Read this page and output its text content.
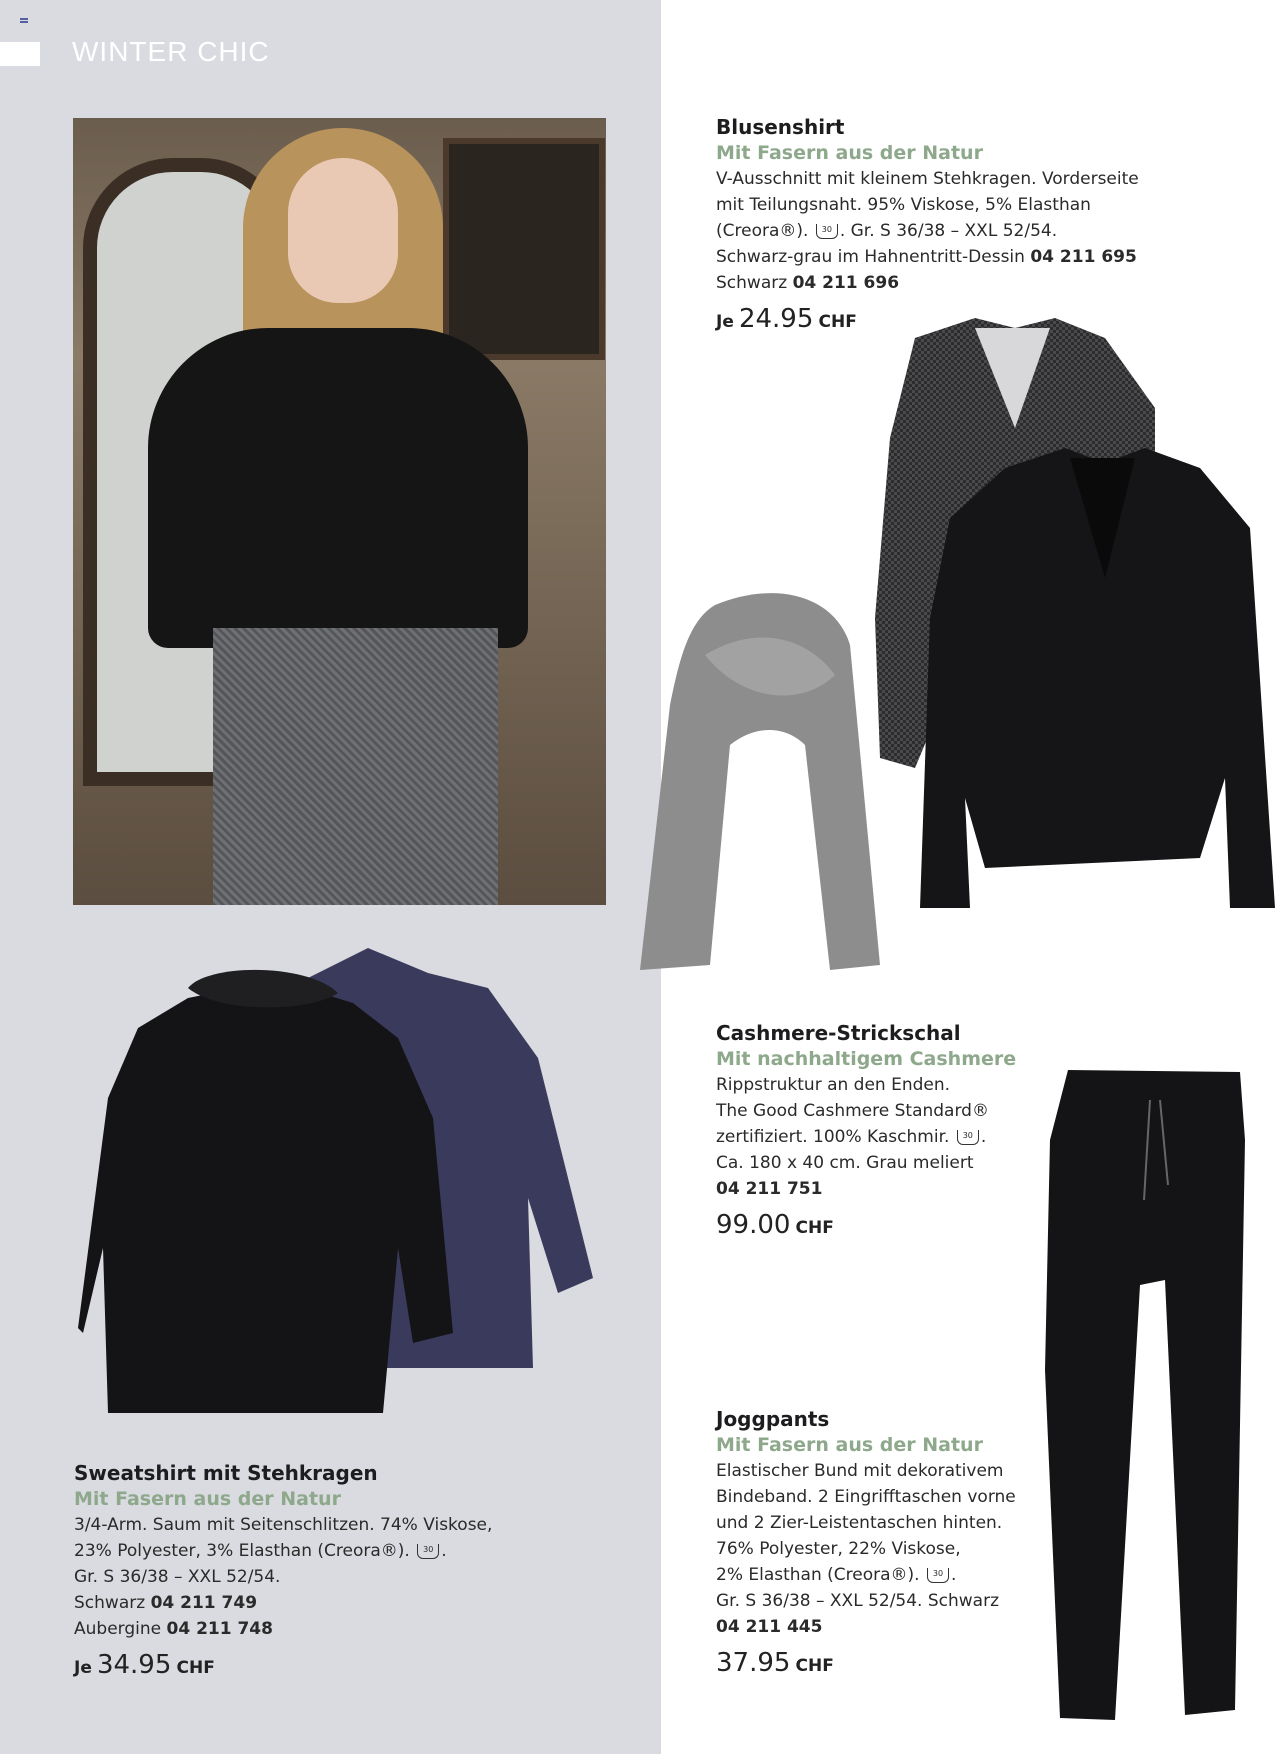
WINTER CHIC
Blusenshirt
Mit Fasern aus der Natur
V-Ausschnitt mit kleinem Stehkragen. Vorderseite
mit Teilungsnaht. 95% Viskose, 5% Elasthan
(Creora®). 30 . Gr. S 36/38 – XXL 52/54.
Schwarz-grau im Hahnentritt-Dessin 04 211 695
Schwarz 04 211 696
Je 24.95 CHF
Cashmere-Strickschal
Mit nachhaltigem Cashmere
Rippstruktur an den Enden.
The Good Cashmere Standard®
zertifiziert. 100% Kaschmir. 30 .
Ca. 180 x 40 cm. Grau meliert
04 211 751
99.00 CHF
Sweatshirt mit Stehkragen
Mit Fasern aus der Natur
3/4-Arm. Saum mit Seitenschlitzen. 74% Viskose,
23% Polyester, 3% Elasthan (Creora®). 30 .
Gr. S 36/38 – XXL 52/54.
Schwarz 04 211 749
Aubergine 04 211 748
Je 34.95 CHF
Joggpants
Mit Fasern aus der Natur
Elastischer Bund mit dekorativem
Bindeband. 2 Eingrifftaschen vorne
und 2 Zier-Leistentaschen hinten.
76% Polyester, 22% Viskose,
2% Elasthan (Creora®). 30 .
Gr. S 36/38 – XXL 52/54. Schwarz
04 211 445
37.95 CHF
